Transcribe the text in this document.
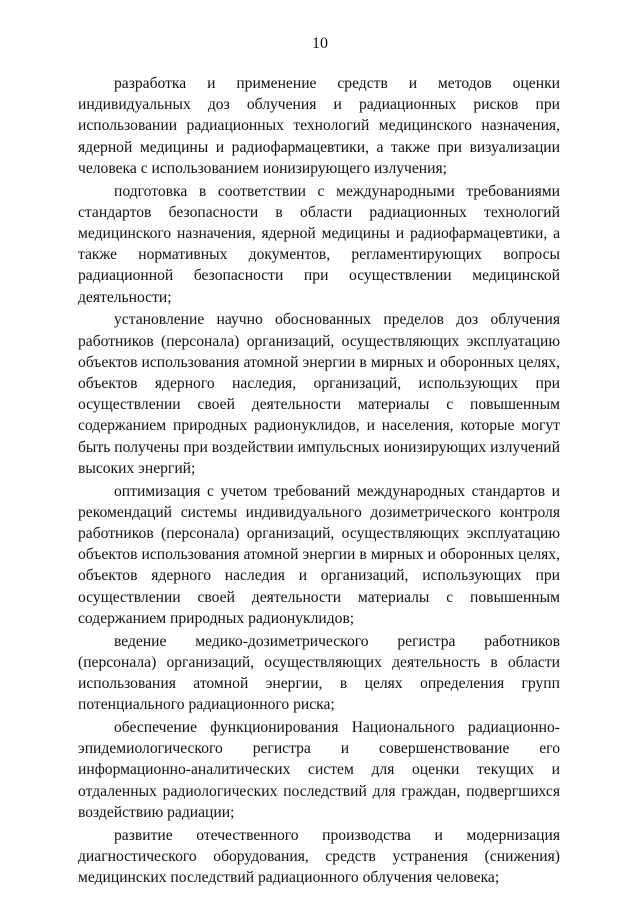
10

разработка и применение средств и методов оценки индивидуальных доз облучения и радиационных рисков при использовании радиационных технологий медицинского назначения, ядерной медицины и радиофармацевтики, а также при визуализации человека с использованием ионизирующего излучения;

подготовка в соответствии с международными требованиями стандартов безопасности в области радиационных технологий медицинского назначения, ядерной медицины и радиофармацевтики, а также нормативных документов, регламентирующих вопросы радиационной безопасности при осуществлении медицинской деятельности;

установление научно обоснованных пределов доз облучения работников (персонала) организаций, осуществляющих эксплуатацию объектов использования атомной энергии в мирных и оборонных целях, объектов ядерного наследия, организаций, использующих при осуществлении своей деятельности материалы с повышенным содержанием природных радионуклидов, и населения, которые могут быть получены при воздействии импульсных ионизирующих излучений высоких энергий;

оптимизация с учетом требований международных стандартов и рекомендаций системы индивидуального дозиметрического контроля работников (персонала) организаций, осуществляющих эксплуатацию объектов использования атомной энергии в мирных и оборонных целях, объектов ядерного наследия и организаций, использующих при осуществлении своей деятельности материалы с повышенным содержанием природных радионуклидов;

ведение медико-дозиметрического регистра работников (персонала) организаций, осуществляющих деятельность в области использования атомной энергии, в целях определения групп потенциального радиационного риска;

обеспечение функционирования Национального радиационно-эпидемиологического регистра и совершенствование его информационно-аналитических систем для оценки текущих и отдаленных радиологических последствий для граждан, подвергшихся воздействию радиации;

развитие отечественного производства и модернизация диагностического оборудования, средств устранения (снижения) медицинских последствий радиационного облучения человека;
